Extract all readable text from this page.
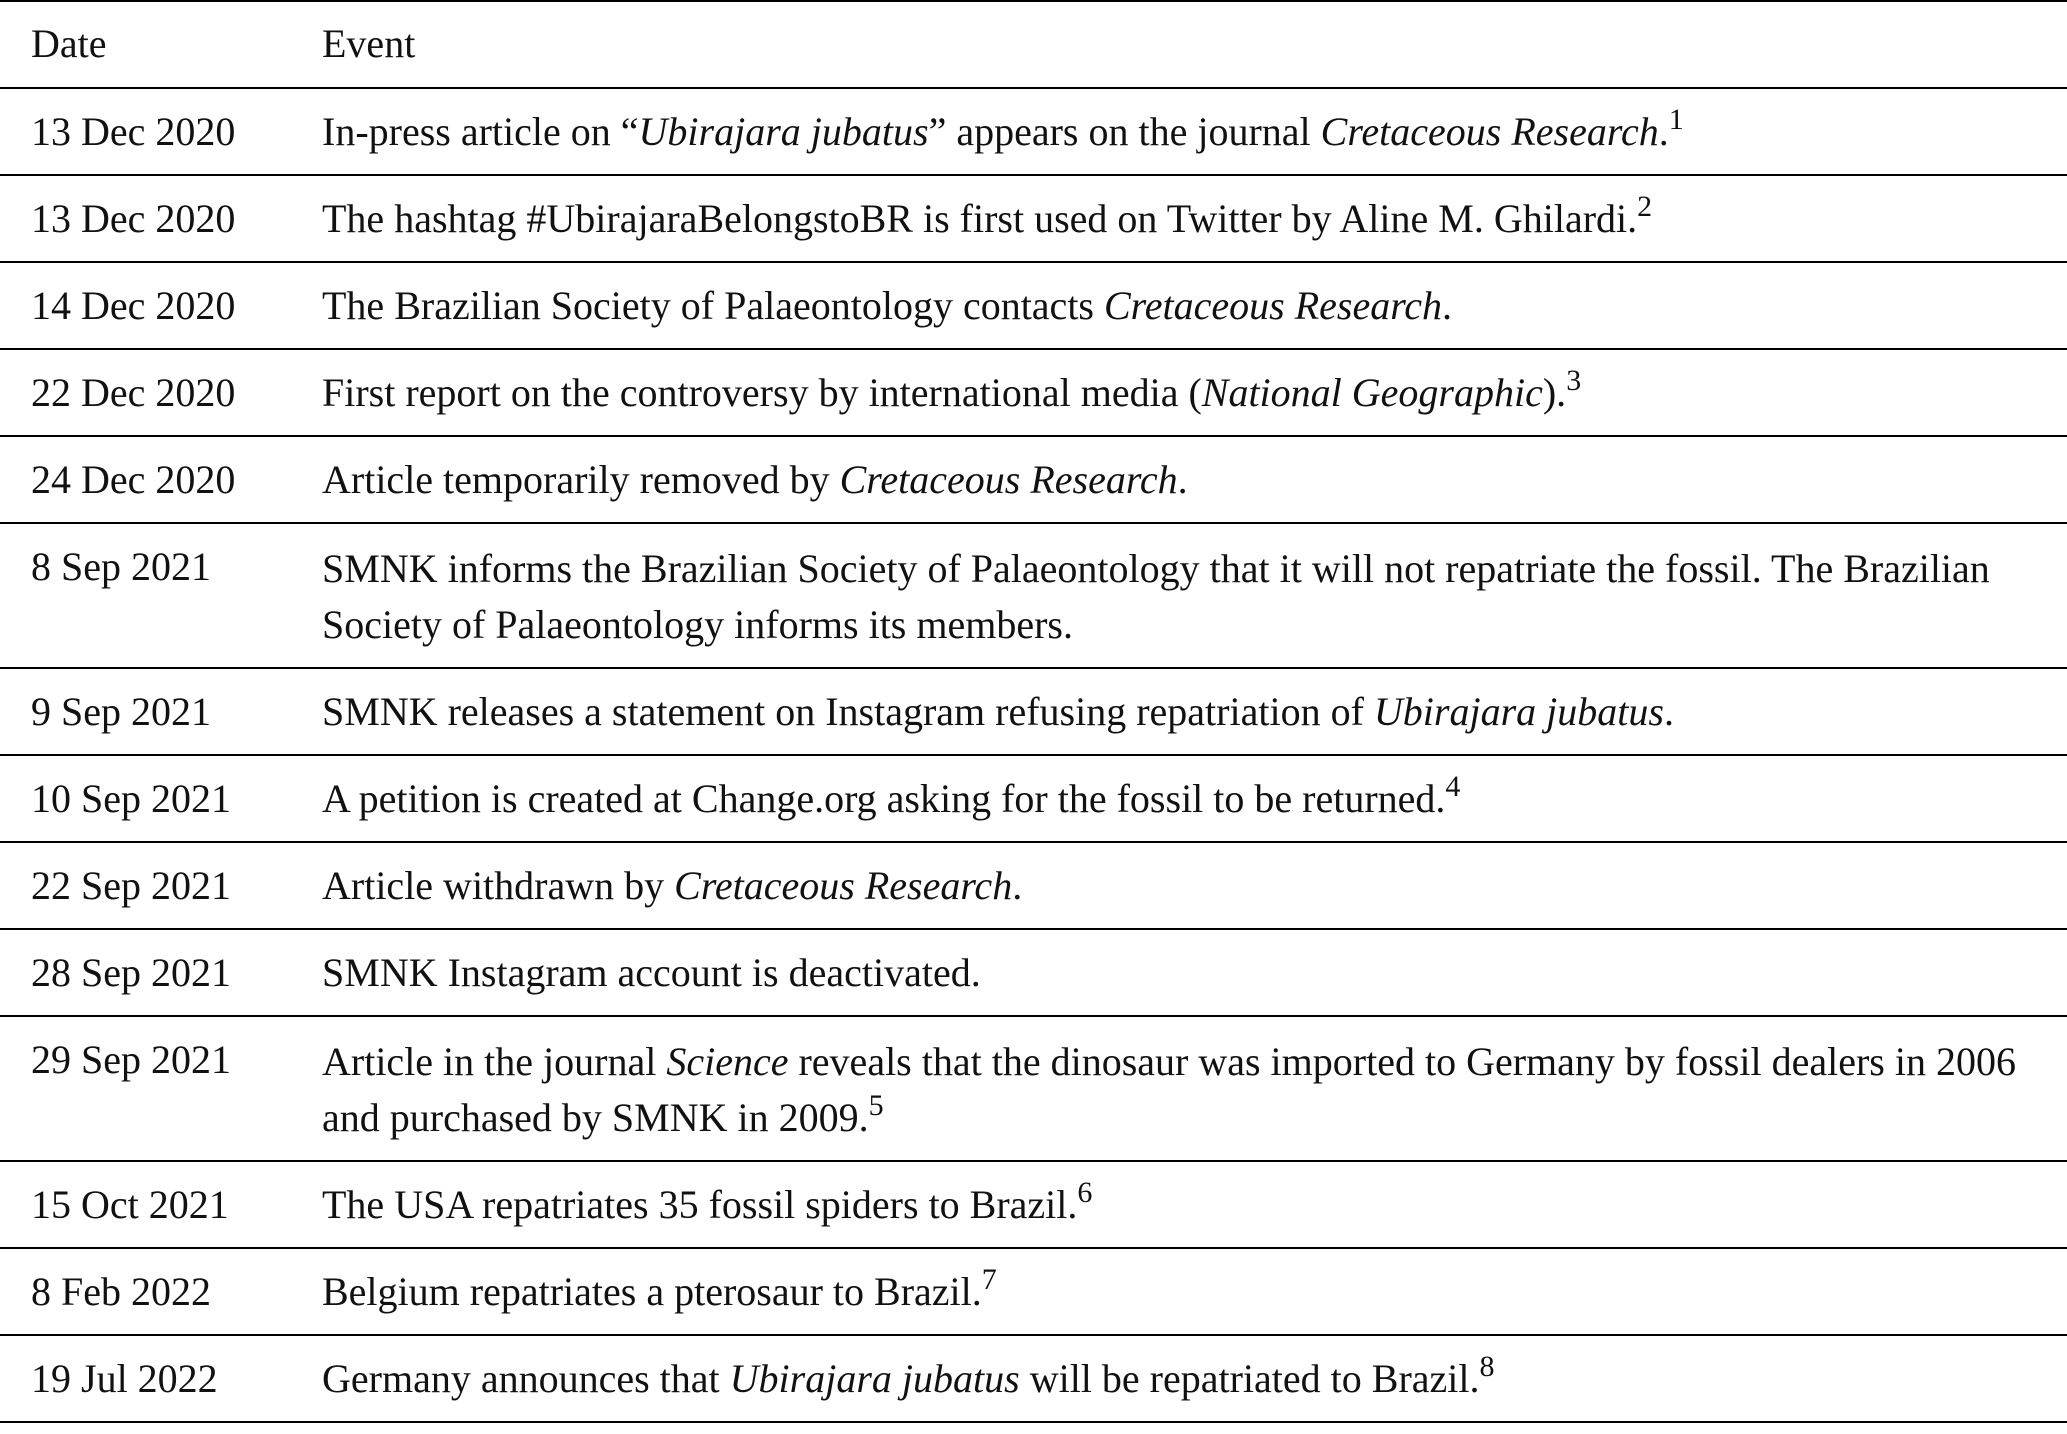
Date	Event
13 Dec 2020	In-press article on “Ubirajara jubatus” appears on the journal Cretaceous Research.$^1$
13 Dec 2020	The hashtag #UbirajaraBelongstoBR is first used on Twitter by Aline M. Ghilardi.$^2$
14 Dec 2020	The Brazilian Society of Palaeontology contacts Cretaceous Research.
22 Dec 2020	First report on the controversy by international media (National Geographic).$^3$
24 Dec 2020	Article temporarily removed by Cretaceous Research.
8 Sep 2021	SMNK informs the Brazilian Society of Palaeontology that it will not repatriate the fossil. The Brazilian Society of Palaeontology informs its members.
9 Sep 2021	SMNK releases a statement on Instagram refusing repatriation of Ubirajara jubatus.
10 Sep 2021	A petition is created at Change.org asking for the fossil to be returned.$^4$
22 Sep 2021	Article withdrawn by Cretaceous Research.
28 Sep 2021	SMNK Instagram account is deactivated.
29 Sep 2021	Article in the journal Science reveals that the dinosaur was imported to Germany by fossil dealers in 2006 and purchased by SMNK in 2009.$^5$
15 Oct 2021	The USA repatriates 35 fossil spiders to Brazil.$^6$
8 Feb 2022	Belgium repatriates a pterosaur to Brazil.$^7$
19 Jul 2022	Germany announces that Ubirajara jubatus will be repatriated to Brazil.$^8$
